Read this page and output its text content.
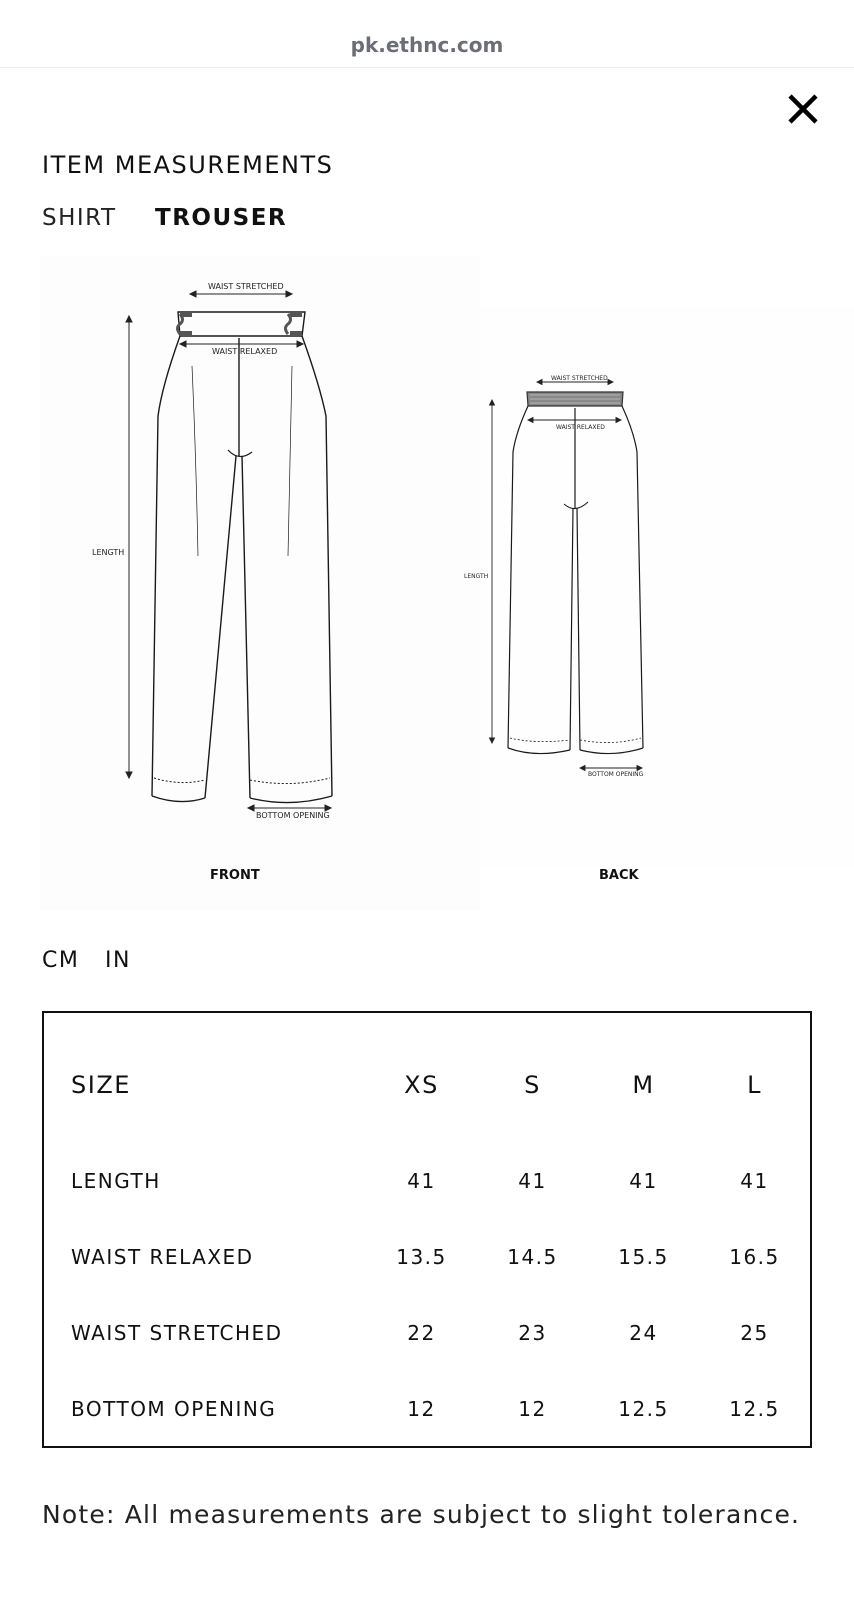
pk.ethnc.com
ITEM MEASUREMENTS
SHIRT TROUSER
WAIST STRETCHED
WAIST RELAXED
LENGTH
BOTTOM OPENING
WAIST STRETCHED
WAIST RELAXED
LENGTH
BOTTOM OPENING
FRONT	BACK
CM IN
SIZE	XS	S	M	L
LENGTH	41	41	41	41
WAIST RELAXED	13.5	14.5	15.5	16.5
WAIST STRETCHED	22	23	24	25
BOTTOM OPENING	12	12	12.5	12.5
Note: All measurements are subject to slight tolerance.
